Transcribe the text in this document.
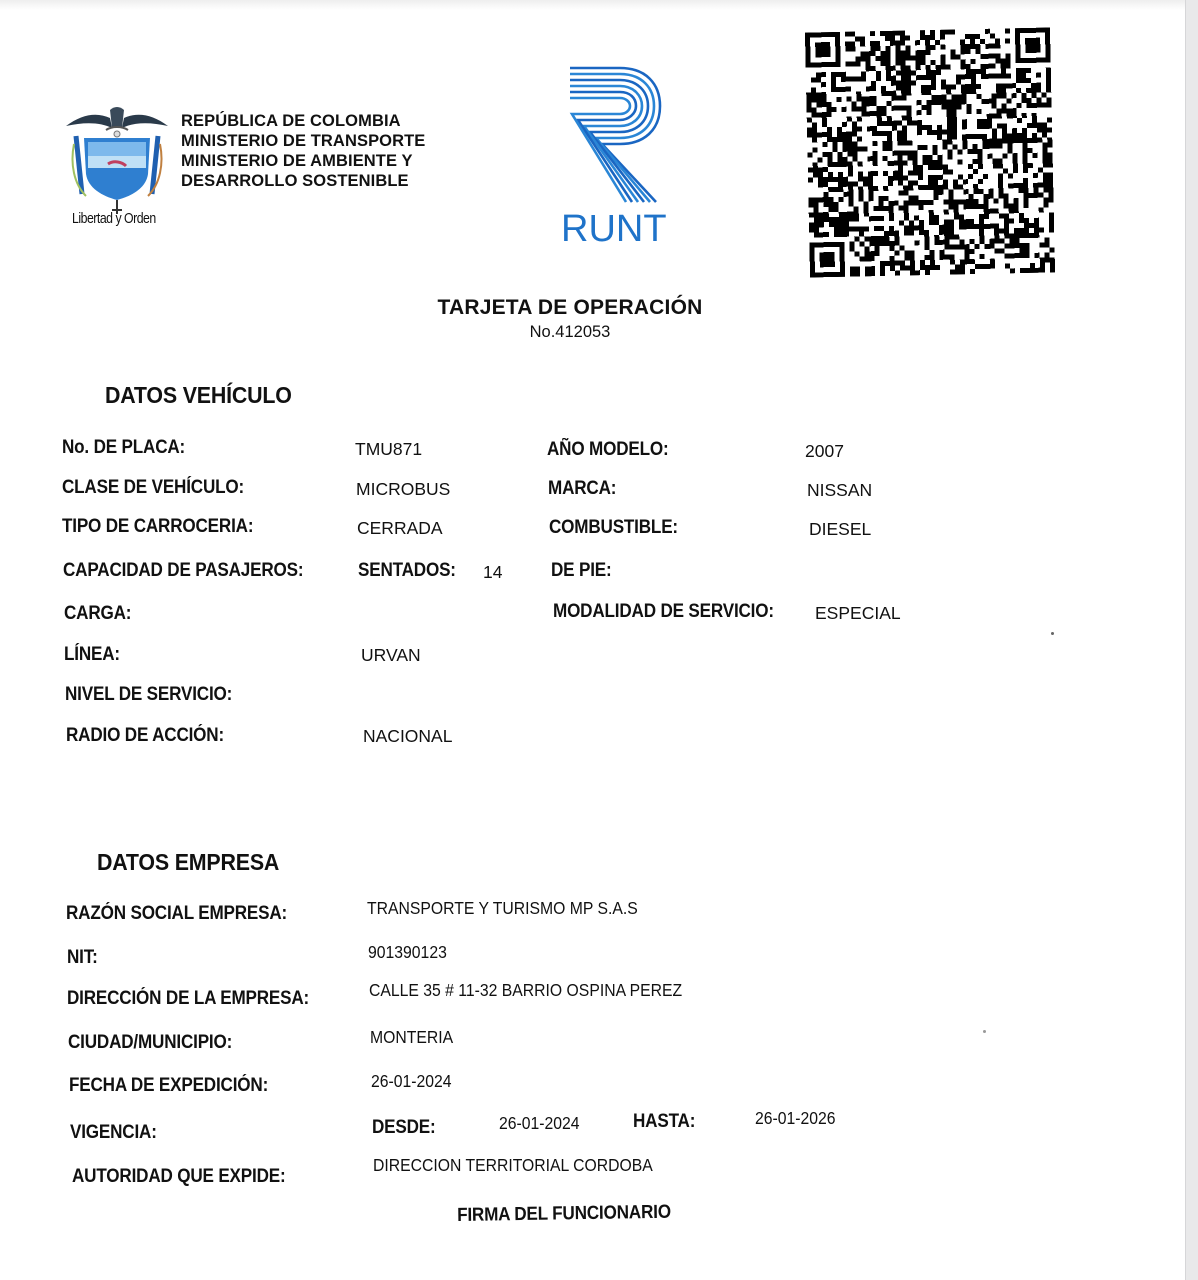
Libertad y Orden
REPÚBLICA DE COLOMBIA
MINISTERIO DE TRANSPORTE
MINISTERIO DE AMBIENTE Y
DESARROLLO SOSTENIBLE
RUNT
TARJETA DE OPERACIÓN
No.412053
DATOS VEHÍCULO
No. DE PLACA:	TMU871	AÑO MODELO:	2007
CLASE DE VEHÍCULO:	MICROBUS	MARCA:	NISSAN
TIPO DE CARROCERIA:	CERRADA	COMBUSTIBLE:	DIESEL
CAPACIDAD DE PASAJEROS:	SENTADOS: 14	DE PIE:
CARGA:	MODALIDAD DE SERVICIO: ESPECIAL
LÍNEA:	URVAN
NIVEL DE SERVICIO:
RADIO DE ACCIÓN:	NACIONAL
DATOS EMPRESA
RAZÓN SOCIAL EMPRESA:	TRANSPORTE Y TURISMO MP S.A.S
NIT:	901390123
DIRECCIÓN DE LA EMPRESA:	CALLE 35 # 11-32 BARRIO OSPINA PEREZ
CIUDAD/MUNICIPIO:	MONTERIA
FECHA DE EXPEDICIÓN:	26-01-2024
VIGENCIA:	DESDE:	26-01-2024	HASTA:	26-01-2026
AUTORIDAD QUE EXPIDE:
DIRECCION TERRITORIAL CORDOBA
FIRMA DEL FUNCIONARIO
